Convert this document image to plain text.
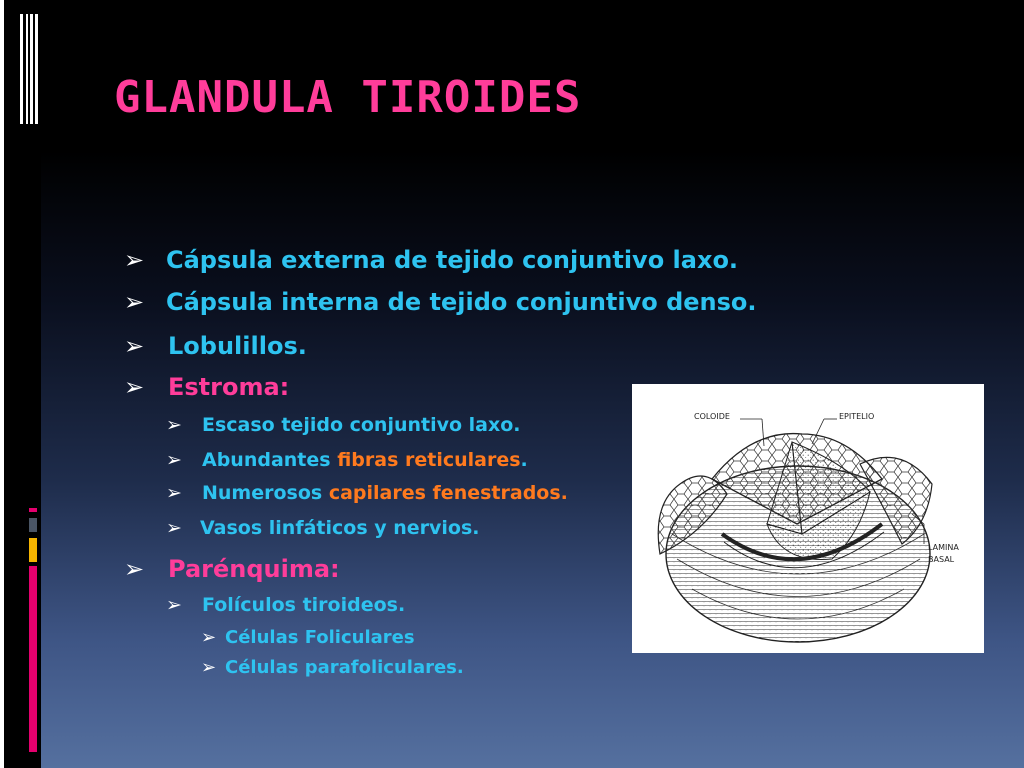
GLANDULA TIROIDES
➢ Cápsula externa de tejido conjuntivo laxo.
➢ Cápsula interna de tejido conjuntivo denso.
➢ Lobulillos.
➢ Estroma:
➢ Escaso tejido conjuntivo laxo.
➢ Abundantes fibras reticulares.
➢ Numerosos capilares fenestrados.
➢ Vasos linfáticos y nervios.
➢ Parénquima:
➢ Folículos tiroideos.
➢ Células Foliculares
➢ Células parafoliculares.
COLOIDE	EPITELIO
LAMINA
BASAL
